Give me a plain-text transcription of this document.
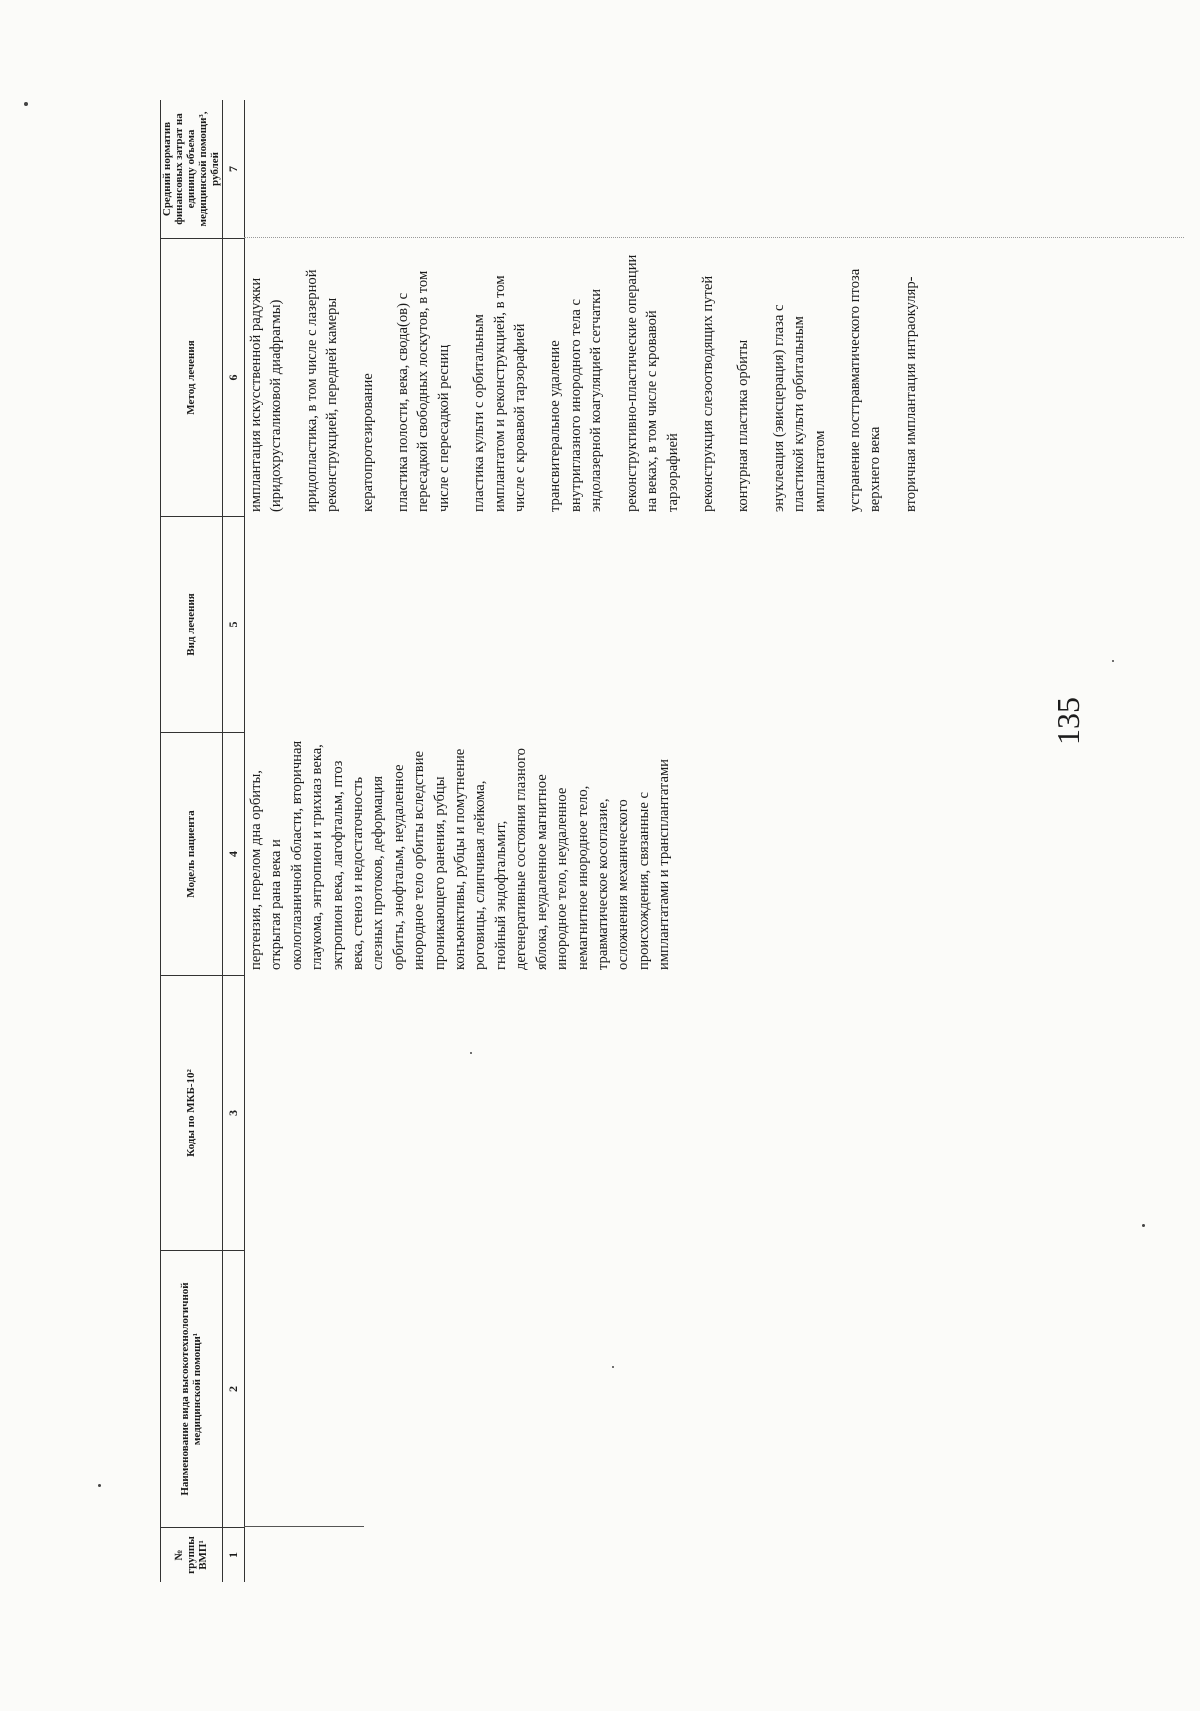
135
№ группы ВМП¹
Наименование вида высокотехнологичной медицинской помощи¹
Коды по МКБ-10²
Модель пациента
Вид лечения
Метод лечения
Средний норматив финансовых затрат на единицу объема медицинской помощи³, рублей
1
2
3
4
5
6
7
пертензия, перелом дна орбиты, открытая рана века и окологлазничной области, вторичная глаукома, энтропион и трихиаз века, эктропион века, лагофтальм, птоз века, стеноз и недостаточность слезных протоков, деформация орбиты, энофтальм, неудаленное инородное тело орбиты вследствие проникающего ранения, рубцы конъюнктивы, рубцы и помутнение роговицы, слипчивая лейкома, гнойный эндофтальмит, дегенеративные состояния глазного яблока, неудаленное магнитное инородное тело, неудаленное немагнитное инородное тело, травматическое косоглазие, осложнения механического происхождения, связанные с имплантатами и трансплантатами
имплантация искусственной радужки (иридохрусталиковой диафрагмы) иридопластика, в том числе с лазерной реконструкцией, передней камеры кератопротезирование пластика полости, века, свода(ов) с пересадкой свободных лоскутов, в том числе с пересадкой ресниц пластика культи с орбитальным имплантатом и реконструкцией, в том числе с кровавой тарзорафией трансвитеральное удаление внутриглазного инородного тела с эндолазерной коагуляцией сетчатки реконструктивно-пластические операции на веках, в том числе с кровавой тарзорафией реконструкция слезоотводящих путей контурная пластика орбиты энуклеация (эвисцерация) глаза с пластикой культи орбитальным имплантатом устранение посттравматического птоза верхнего века вторичная имплантация интраокуляр-
